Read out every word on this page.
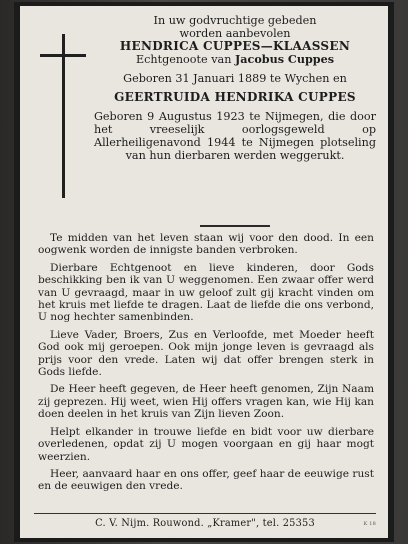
In uw godvruchtige gebeden
worden aanbevolen
HENDRICA CUPPES—KLAASSEN
Echtgenoote van Jacobus Cuppes
Geboren 31 Januari 1889 te Wychen en
GEERTRUIDA HENDRIKA CUPPES
Geboren 9 Augustus 1923 te Nijmegen, die door het vreeselijk oorlogsgeweld op Allerheiligenavond 1944 te Nijmegen plotseling van hun dierbaren werden weggerukt.

Te midden van het leven staan wij voor den dood. In een oogwenk worden de innigste banden verbroken.

Dierbare Echtgenoot en lieve kinderen, door Gods beschikking ben ik van U weggenomen. Een zwaar offer werd van U gevraagd, maar in uw geloof zult gij kracht vinden om het kruis met liefde te dragen. Laat de liefde die ons verbond, U nog hechter samenbinden.

Lieve Vader, Broers, Zus en Verloofde, met Moeder heeft God ook mij geroepen. Ook mijn jonge leven is gevraagd als prijs voor den vrede. Laten wij dat offer brengen sterk in Gods liefde.

De Heer heeft gegeven, de Heer heeft genomen, Zijn Naam zij geprezen. Hij weet, wien Hij offers vragen kan, wie Hij kan doen deelen in het kruis van Zijn lieven Zoon.

Helpt elkander in trouwe liefde en bidt voor uw dierbare overledenen, opdat zij U mogen voorgaan en gij haar mogt weerzien.

Heer, aanvaard haar en ons offer, geef haar de eeuwige rust en de eeuwigen den vrede.

C. V. Nijm. Rouwond. „Kramer", tel. 25353	K 18
